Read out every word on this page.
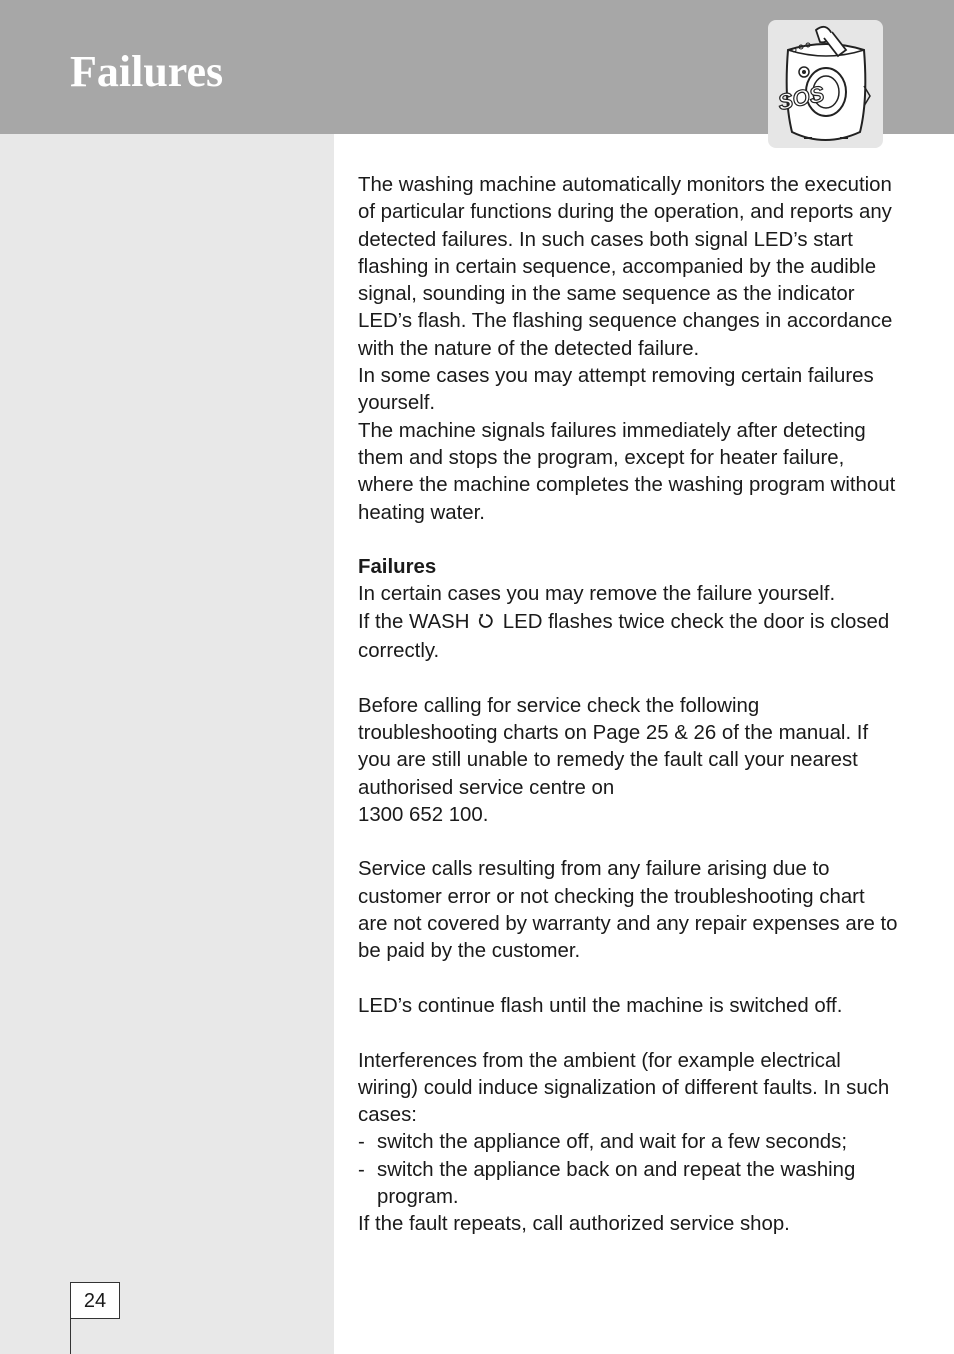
Failures
SOS
24

The washing machine automatically monitors the execution of particular functions during the operation, and reports any detected failures. In such cases both signal LED’s start flashing in certain sequence, accompanied by the audible signal, sounding in the same sequence as the indicator LED’s flash. The flashing sequence changes in accordance with the nature of the detected failure.

In some cases you may attempt removing certain failures yourself.

The machine signals failures immediately after detecting them and stops the program, except for heater failure, where the machine completes the washing program without heating water.

Failures

In certain cases you may remove the failure yourself.

If the WASH LED flashes twice check the door is closed correctly.

Before calling for service check the following troubleshooting charts on Page 25 & 26 of the manual. If you are still unable to remedy the fault call your nearest authorised service centre on

1300 652 100.

Service calls resulting from any failure arising due to customer error or not checking the troubleshooting chart are not covered by warranty and any repair expenses are to be paid by the customer.

LED’s continue flash until the machine is switched off.

Interferences from the ambient (for example electrical wiring) could induce signalization of different faults. In such cases:

- switch the appliance off, and wait for a few seconds;
- switch the appliance back on and repeat the washing program.

If the fault repeats, call authorized service shop.
